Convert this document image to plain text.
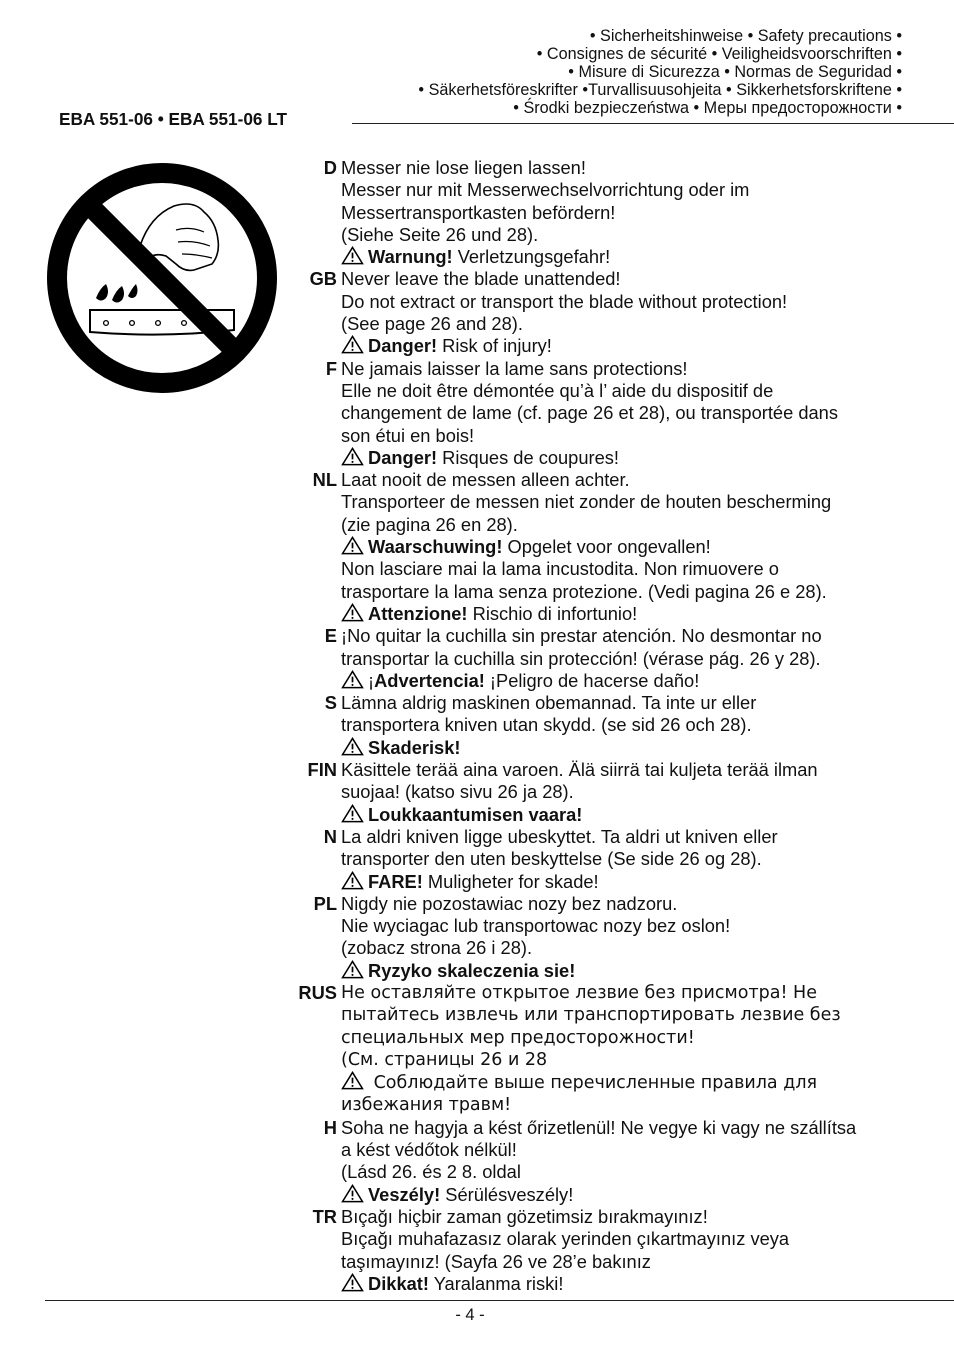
• Sicherheitshinweise • Safety precautions •
• Consignes de sécurité • Veiligheidsvoorschriften •
• Misure di Sicurezza • Normas de Seguridad •
• Säkerhetsföreskrifter •Turvallisuusohjeita • Sikkerhetsforskriftene •
• Środki bezpieczeństwa • Меры предосторожности •
EBA 551-06 • EBA 551-06 LT
D Messer nie lose liegen lassen!
Messer nur mit Messerwechselvorrichtung oder im
Messertransportkasten befördern!
(Siehe Seite 26 und 28).
Warnung! Verletzungsgefahr!
GB Never leave the blade unattended!
Do not extract or transport the blade without protection!
(See page 26 and 28).
Danger! Risk of injury!
F Ne jamais laisser la lame sans protections!
Elle ne doit être démontée qu’à l’ aide du dispositif de
changement de lame (cf. page 26 et 28), ou transportée dans
son étui en bois!
Danger! Risques de coupures!
NL Laat nooit de messen alleen achter.
Transporteer de messen niet zonder de houten bescherming
(zie pagina 26 en 28).
Waarschuwing! Opgelet voor ongevallen!
Non lasciare mai la lama incustodita. Non rimuovere o
trasportare la lama senza protezione. (Vedi pagina 26 e 28).
Attenzione! Rischio di infortunio!
E ¡No quitar la cuchilla sin prestar atención. No desmontar no
transportar la cuchilla sin protección! (vérase pág. 26 y 28).
¡Advertencia! ¡Peligro de hacerse daño!
S Lämna aldrig maskinen obemannad. Ta inte ur eller
transportera kniven utan skydd. (se sid 26 och 28).
Skaderisk!
FIN Käsittele terää aina varoen. Älä siirrä tai kuljeta terää ilman
suojaa! (katso sivu 26 ja 28).
Loukkaantumisen vaara!
N La aldri kniven ligge ubeskyttet. Ta aldri ut kniven eller
transporter den uten beskyttelse (Se side 26 og 28).
FARE! Muligheter for skade!
PL Nigdy nie pozostawiac nozy bez nadzoru.
Nie wyciagac lub transportowac nozy bez oslon!
(zobacz strona 26 i 28).
Ryzyko skaleczenia sie!
RUS Не оставляйте открытое лезвие без присмотра! Не
пытайтесь извлечь или транспортировать лезвие без
специальных мер предосторожности!
(См. страницы 26 и 28
Соблюдайте выше перечисленные правила для
избежания травм!
H Soha ne hagyja a kést őrizetlenül! Ne vegye ki vagy ne szállítsa
a kést védőtok nélkül!
(Lásd 26. és 2 8. oldal
Veszély! Sérülésveszély!
TR Bıçağı hiçbir zaman gözetimsiz bırakmayınız!
Bıçağı muhafazasız olarak yerinden çıkartmayınız veya
taşımayınız! (Sayfa 26 ve 28’e bakınız
Dikkat! Yaralanma riski!
- 4 -
